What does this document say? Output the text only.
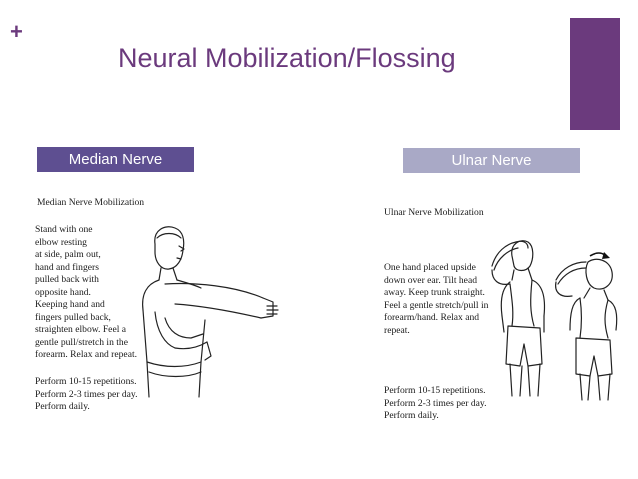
+
Neural Mobilization/Flossing
Median Nerve
Median Nerve Mobilization
Stand with one
elbow resting
at side, palm out,
hand and fingers
pulled back with
opposite hand.
Keeping hand and
fingers pulled back,
straighten elbow. Feel a
gentle pull/stretch in the
forearm. Relax and repeat.
Perform 10-15 repetitions.
Perform 2-3 times per day.
Perform daily.
Ulnar Nerve
Ulnar Nerve Mobilization
One hand placed upside
down over ear. Tilt head
away. Keep trunk straight.
Feel a gentle stretch/pull in
forearm/hand. Relax and
repeat.
Perform 10-15 repetitions.
Perform 2-3 times per day.
Perform daily.
